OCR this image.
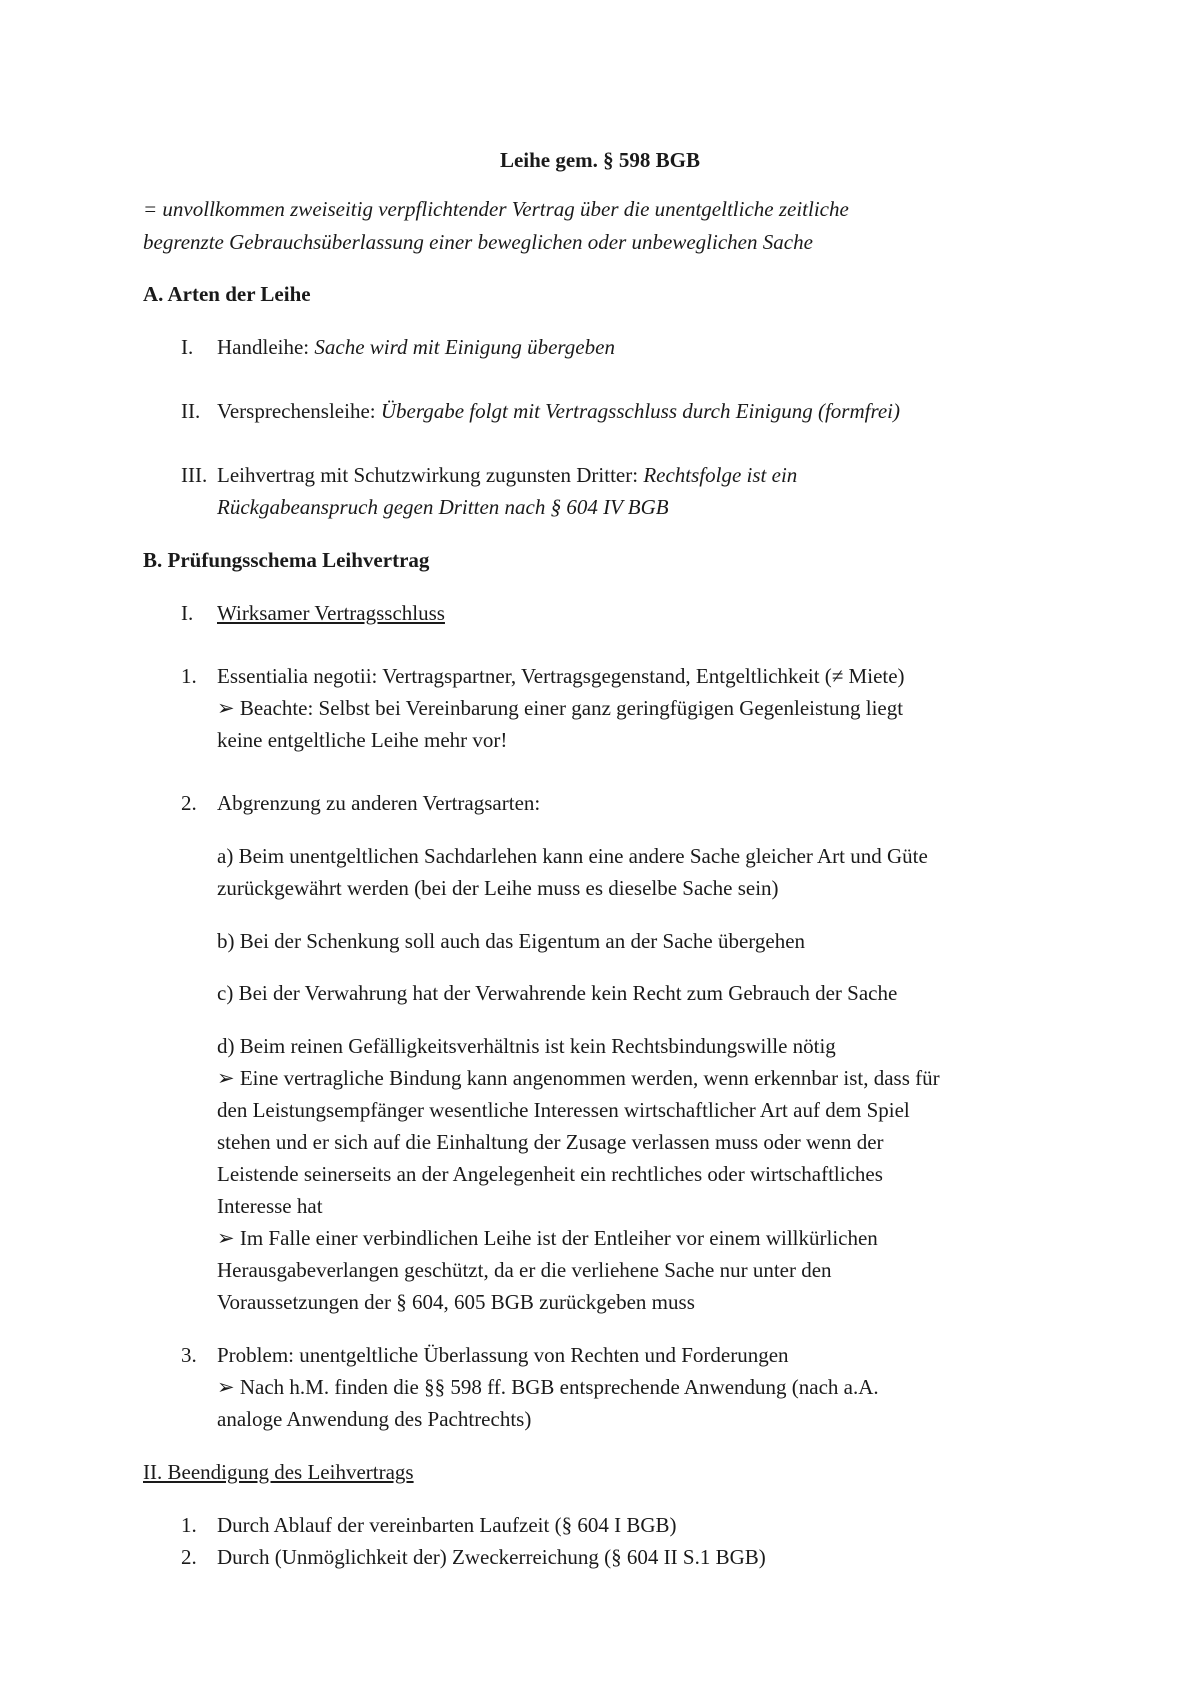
Leihe gem. § 598 BGB
= unvollkommen zweiseitig verpflichtender Vertrag über die unentgeltliche zeitliche
begrenzte Gebrauchsüberlassung einer beweglichen oder unbeweglichen Sache
A. Arten der Leihe
I. Handleihe: Sache wird mit Einigung übergeben
II. Versprechensleihe: Übergabe folgt mit Vertragsschluss durch Einigung (formfrei)
III. Leihvertrag mit Schutzwirkung zugunsten Dritter: Rechtsfolge ist ein
Rückgabeanspruch gegen Dritten nach § 604 IV BGB
B. Prüfungsschema Leihvertrag
I. Wirksamer Vertragsschluss
1. Essentialia negotii: Vertragspartner, Vertragsgegenstand, Entgeltlichkeit (≠ Miete)
➢ Beachte: Selbst bei Vereinbarung einer ganz geringfügigen Gegenleistung liegt
keine entgeltliche Leihe mehr vor!
2. Abgrenzung zu anderen Vertragsarten:
a) Beim unentgeltlichen Sachdarlehen kann eine andere Sache gleicher Art und Güte
zurückgewährt werden (bei der Leihe muss es dieselbe Sache sein)
b) Bei der Schenkung soll auch das Eigentum an der Sache übergehen
c) Bei der Verwahrung hat der Verwahrende kein Recht zum Gebrauch der Sache
d) Beim reinen Gefälligkeitsverhältnis ist kein Rechtsbindungswille nötig
➢ Eine vertragliche Bindung kann angenommen werden, wenn erkennbar ist, dass für
den Leistungsempfänger wesentliche Interessen wirtschaftlicher Art auf dem Spiel
stehen und er sich auf die Einhaltung der Zusage verlassen muss oder wenn der
Leistende seinerseits an der Angelegenheit ein rechtliches oder wirtschaftliches
Interesse hat
➢ Im Falle einer verbindlichen Leihe ist der Entleiher vor einem willkürlichen
Herausgabeverlangen geschützt, da er die verliehene Sache nur unter den
Voraussetzungen der § 604, 605 BGB zurückgeben muss
3. Problem: unentgeltliche Überlassung von Rechten und Forderungen
➢ Nach h.M. finden die §§ 598 ff. BGB entsprechende Anwendung (nach a.A.
analoge Anwendung des Pachtrechts)
II. Beendigung des Leihvertrags
1. Durch Ablauf der vereinbarten Laufzeit (§ 604 I BGB)
2. Durch (Unmöglichkeit der) Zweckerreichung (§ 604 II S.1 BGB)
